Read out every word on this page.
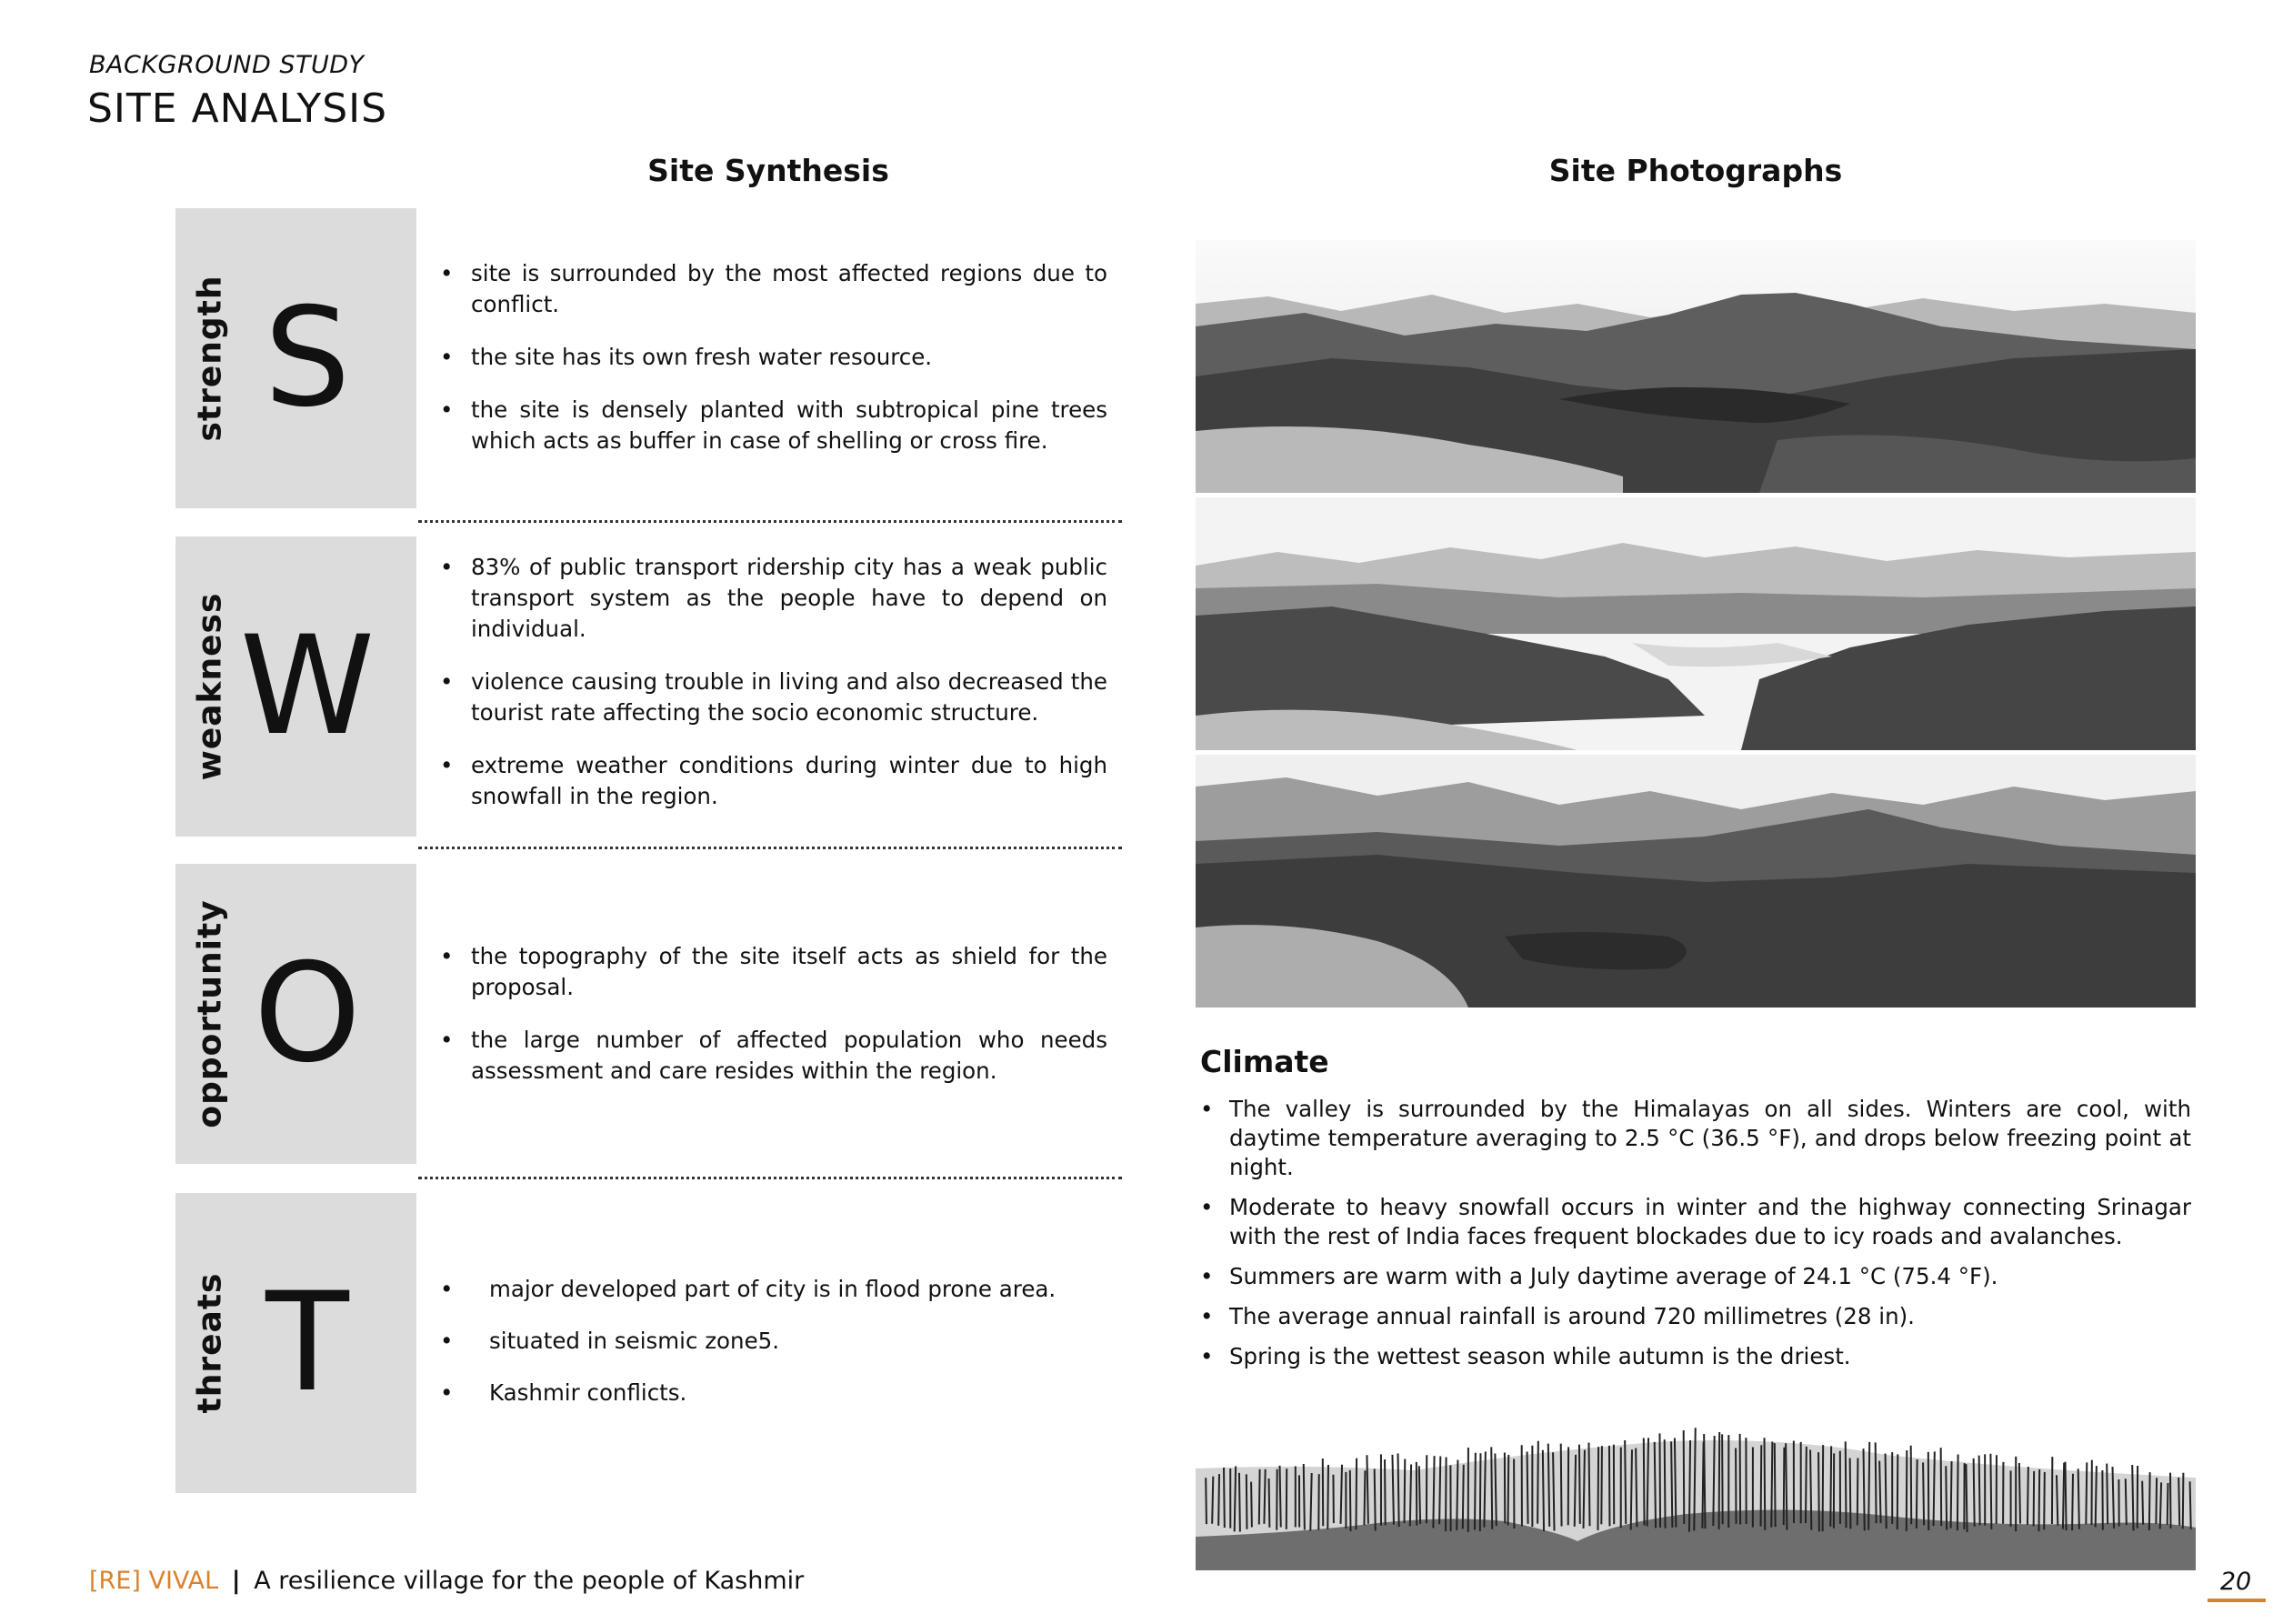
BACKGROUND STUDY
SITE ANALYSIS
Site Synthesis	Site Photographs
strength S
• site is surrounded by the most affected regions due to conflict.
• the site has its own fresh water resource.
• the site is densely planted with subtropical pine trees which acts as buffer in case of shelling or cross fire.
weakness W
• 83% of public transport ridership city has a weak public transport system as the people have to depend on individual.
• violence causing trouble in living and also decreased the tourist rate affecting the socio economic structure.
• extreme weather conditions during winter due to high snowfall in the region.
opportunity O	• the topography of the site itself acts as shield for the proposal.
• the large number of affected population who needs assessment and care resides within the region.
threats T	• major developed part of city is in flood prone area.
• situated in seismic zone5.
• Kashmir conflicts.
Climate
• The valley is surrounded by the Himalayas on all sides. Winters are cool, with daytime temperature averaging to 2.5 °C (36.5 °F), and drops below freezing point at night.
• Moderate to heavy snowfall occurs in winter and the highway connecting Srinagar with the rest of India faces frequent blockades due to icy roads and avalanches.
• Summers are warm with a July daytime average of 24.1 °C (75.4 °F).
• The average annual rainfall is around 720 millimetres (28 in).
• Spring is the wettest season while autumn is the driest.
[RE] VIVAL | A resilience village for the people of Kashmir	20
